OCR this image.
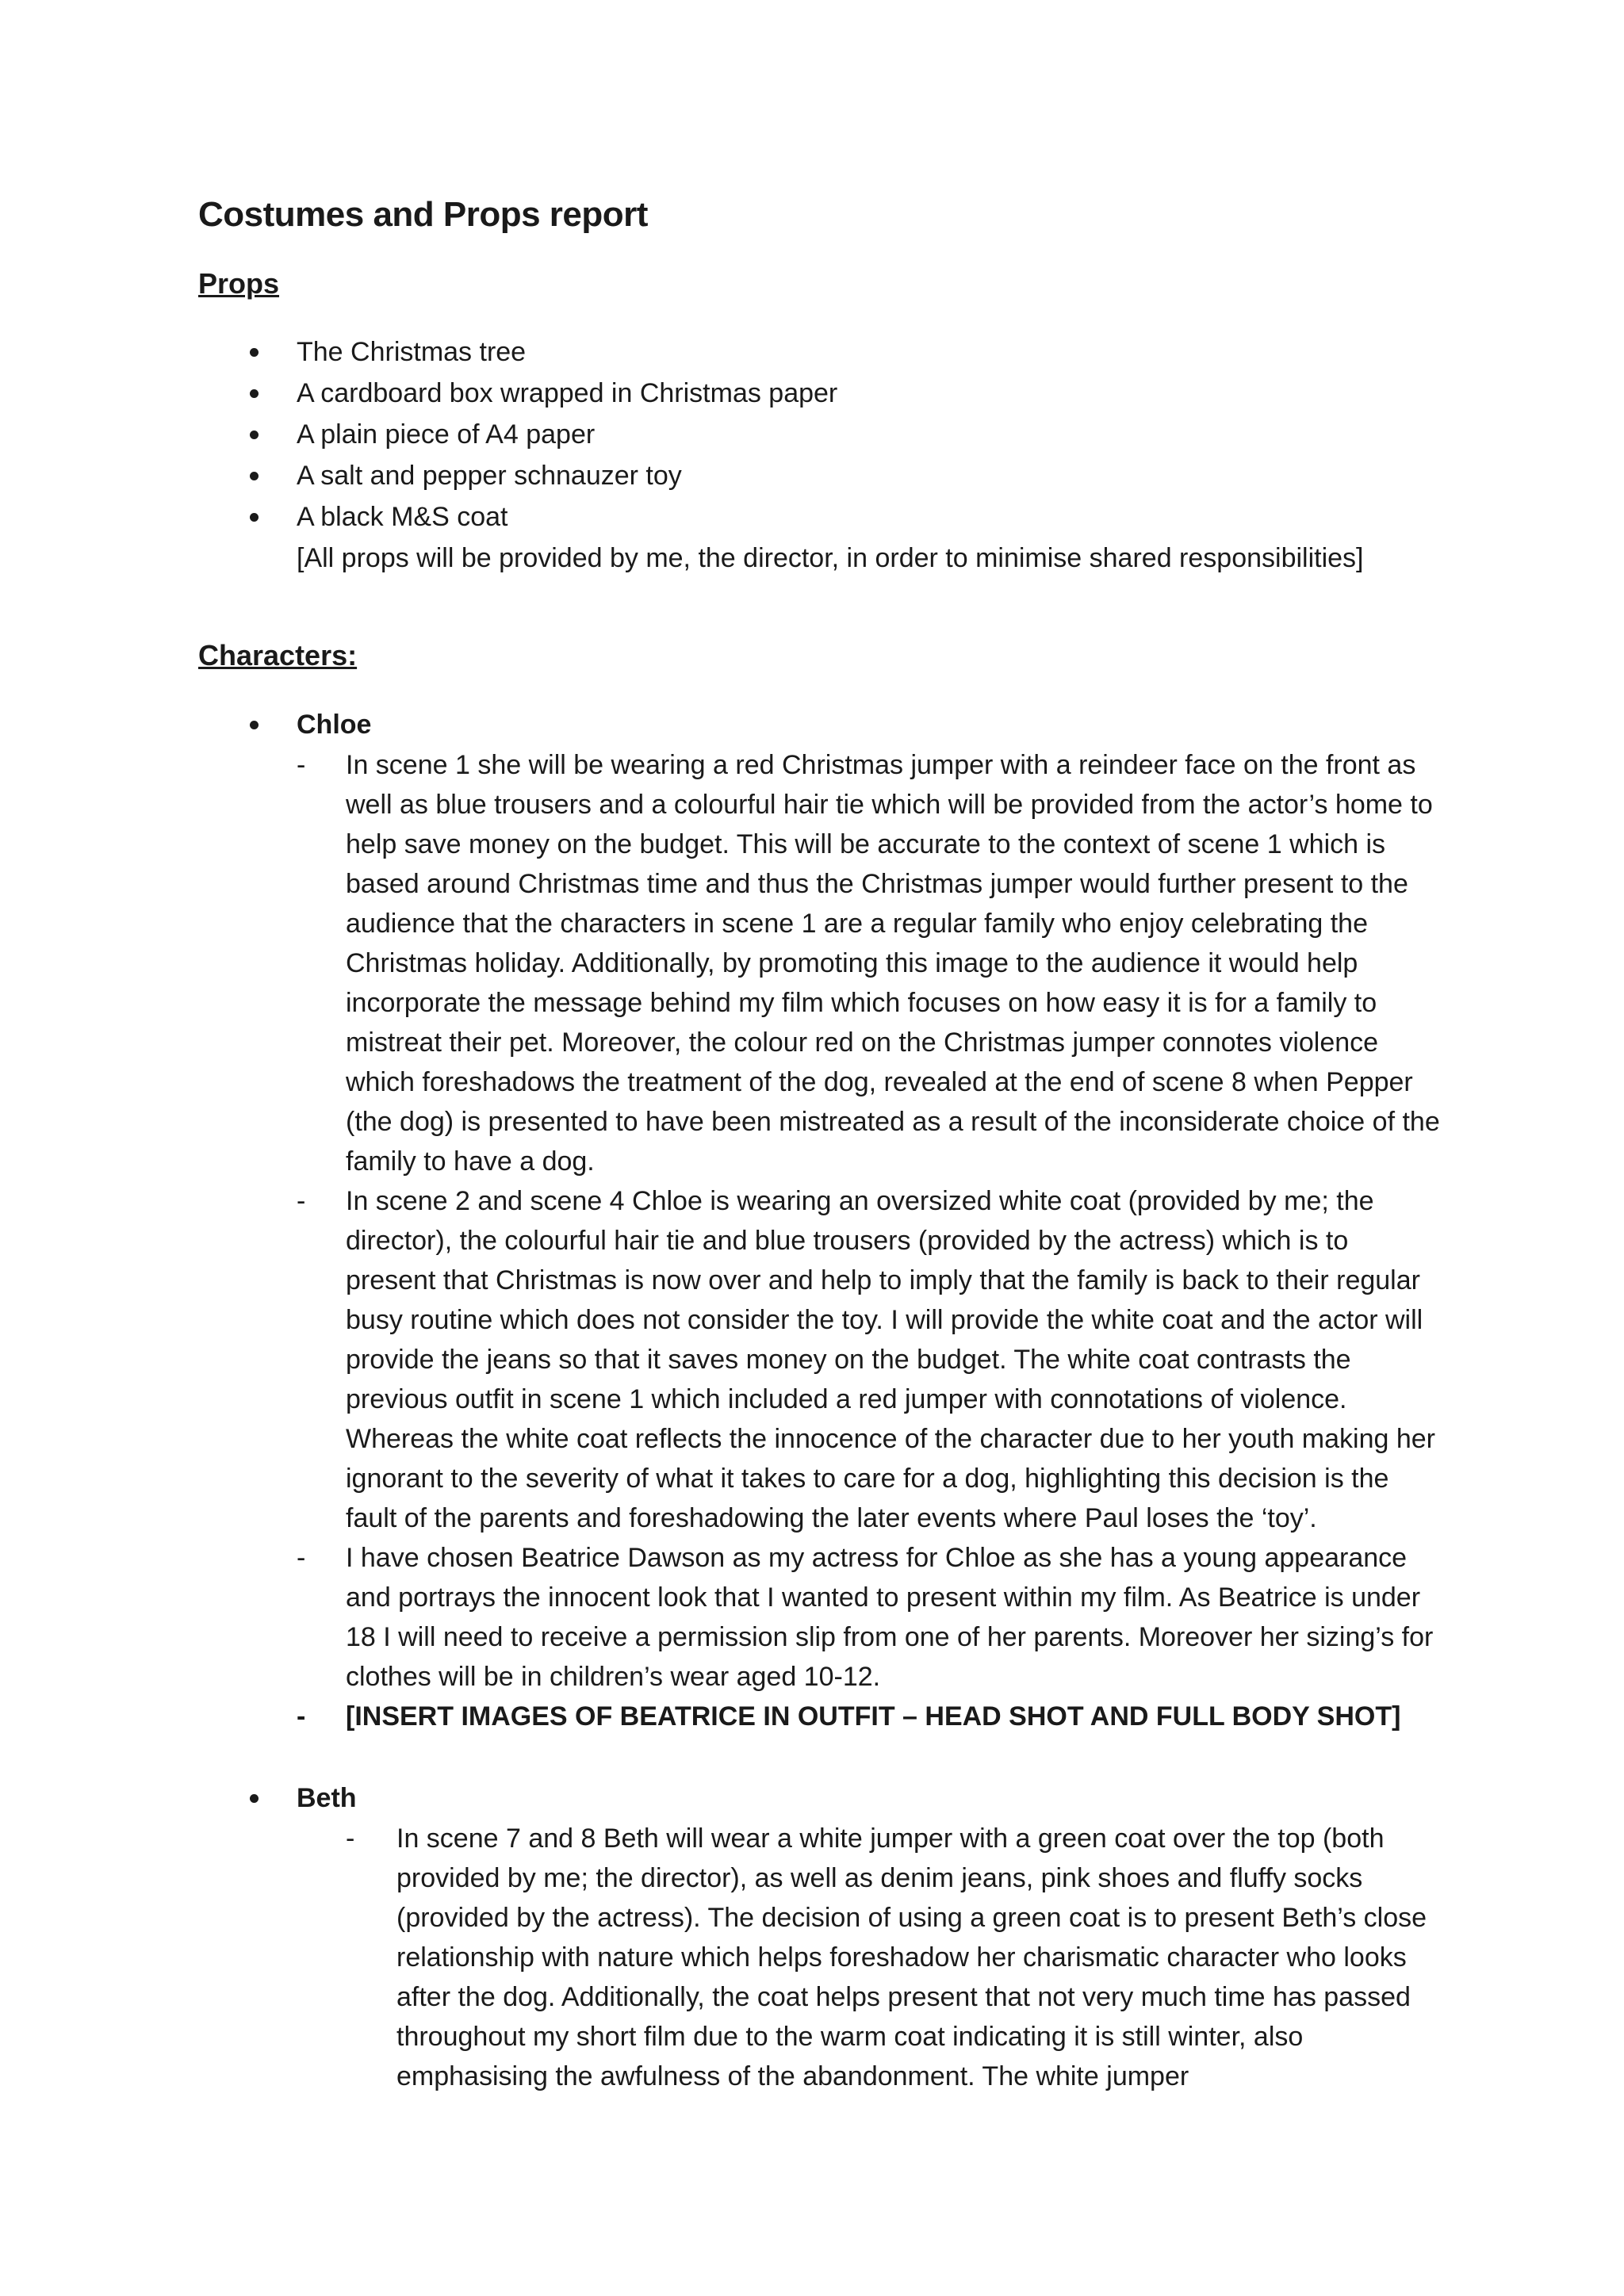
Costumes and Props report
Props
The Christmas tree
A cardboard box wrapped in Christmas paper
A plain piece of A4 paper
A salt and pepper schnauzer toy
A black M&S coat
[All props will be provided by me, the director, in order to minimise shared responsibilities]
Characters:
Chloe
- In scene 1 she will be wearing a red Christmas jumper with a reindeer face on the front as well as blue trousers and a colourful hair tie which will be provided from the actor’s home to help save money on the budget. This will be accurate to the context of scene 1 which is based around Christmas time and thus the Christmas jumper would further present to the audience that the characters in scene 1 are a regular family who enjoy celebrating the Christmas holiday. Additionally, by promoting this image to the audience it would help incorporate the message behind my film which focuses on how easy it is for a family to mistreat their pet. Moreover, the colour red on the Christmas jumper connotes violence which foreshadows the treatment of the dog, revealed at the end of scene 8 when Pepper (the dog) is presented to have been mistreated as a result of the inconsiderate choice of the family to have a dog.
- In scene 2 and scene 4 Chloe is wearing an oversized white coat (provided by me; the director), the colourful hair tie and blue trousers (provided by the actress) which is to present that Christmas is now over and help to imply that the family is back to their regular busy routine which does not consider the toy. I will provide the white coat and the actor will provide the jeans so that it saves money on the budget. The white coat contrasts the previous outfit in scene 1 which included a red jumper with connotations of violence. Whereas the white coat reflects the innocence of the character due to her youth making her ignorant to the severity of what it takes to care for a dog, highlighting this decision is the fault of the parents and foreshadowing the later events where Paul loses the ‘toy’.
- I have chosen Beatrice Dawson as my actress for Chloe as she has a young appearance and portrays the innocent look that I wanted to present within my film. As Beatrice is under 18 I will need to receive a permission slip from one of her parents. Moreover her sizing’s for clothes will be in children’s wear aged 10-12.
- [INSERT IMAGES OF BEATRICE IN OUTFIT – HEAD SHOT AND FULL BODY SHOT]
Beth
- In scene 7 and 8 Beth will wear a white jumper with a green coat over the top (both provided by me; the director), as well as denim jeans, pink shoes and fluffy socks (provided by the actress). The decision of using a green coat is to present Beth’s close relationship with nature which helps foreshadow her charismatic character who looks after the dog. Additionally, the coat helps present that not very much time has passed throughout my short film due to the warm coat indicating it is still winter, also emphasising the awfulness of the abandonment. The white jumper
